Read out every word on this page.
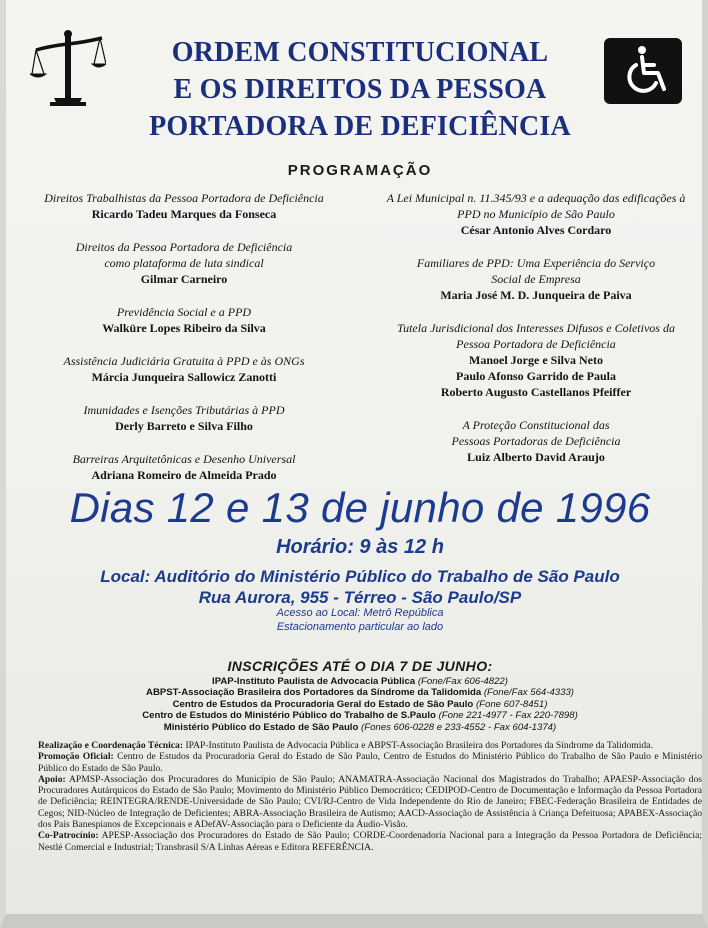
ORDEM CONSTITUCIONAL
E OS DIREITOS DA PESSOA
PORTADORA DE DEFICIÊNCIA
PROGRAMAÇÃO
Direitos Trabalhistas da Pessoa Portadora de Deficiência
Ricardo Tadeu Marques da Fonseca
Direitos da Pessoa Portadora de Deficiência como plataforma de luta sindical
Gilmar Carneiro
Previdência Social e a PPD
Walküre Lopes Ribeiro da Silva
Assistência Judiciária Gratuita à PPD e às ONGs
Márcia Junqueira Sallowicz Zanotti
Imunidades e Isenções Tributárias à PPD
Derly Barreto e Silva Filho
Barreiras Arquitetônicas e Desenho Universal
Adriana Romeiro de Almeida Prado
A Lei Municipal n. 11.345/93 e a adequação das edificações à PPD no Município de São Paulo
César Antonio Alves Cordaro
Familiares de PPD: Uma Experiência do Serviço Social de Empresa
Maria José M. D. Junqueira de Paiva
Tutela Jurisdicional dos Interesses Difusos e Coletivos da Pessoa Portadora de Deficiência
Manoel Jorge e Silva Neto
Paulo Afonso Garrido de Paula
Roberto Augusto Castellanos Pfeiffer
A Proteção Constitucional das Pessoas Portadoras de Deficiência
Luiz Alberto David Araujo
Dias 12 e 13 de junho de 1996
Horário: 9 às 12 h
Local: Auditório do Ministério Público do Trabalho de São Paulo
Rua Aurora, 955 - Térreo - São Paulo/SP
Acesso ao Local: Metrô República
Estacionamento particular ao lado
INSCRIÇÕES ATÉ O DIA 7 DE JUNHO:
IPAP-Instituto Paulista de Advocacia Pública (Fone/Fax 606-4822)
ABPST-Associação Brasileira dos Portadores da Síndrome da Talidomida (Fone/Fax 564-4333)
Centro de Estudos da Procuradoria Geral do Estado de São Paulo (Fone 607-8451)
Centro de Estudos do Ministério Público do Trabalho de S.Paulo (Fone 221-4977 - Fax 220-7898)
Ministério Público do Estado de São Paulo (Fones 606-0228 e 233-4552 - Fax 604-1374)
Realização e Coordenação Técnica: IPAP-Instituto Paulista de Advocacia Pública e ABPST-Associação Brasileira dos Portadores da Síndrome da Talidomida.
Promoção Oficial: Centro de Estudos da Procuradoria Geral do Estado de São Paulo, Centro de Estudos do Ministério Público do Trabalho de São Paulo e Ministério Público do Estado de São Paulo.
Apoio: APMSP-Associação dos Procuradores do Município de São Paulo; ANAMATRA-Associação Nacional dos Magistrados do Trabalho; APAESP-Associação dos Procuradores Autárquicos do Estado de São Paulo; Movimento do Ministério Público Democrático; CEDIPOD-Centro de Documentação e Informação da Pessoa Portadora de Deficiência; REINTEGRA/RENDE-Universidade de São Paulo; CVI/RJ-Centro de Vida Independente do Rio de Janeiro; FBEC-Federação Brasileira de Entidades de Cegos; NID-Núcleo de Integração de Deficientes; ABRA-Associação Brasileira de Autismo; AACD-Associação de Assistência à Criança Defeituosa; APABEX-Associação dos Pais Banespianos de Excepcionais e ADefAV-Associação para o Deficiente da Áudio-Visão.
Co-Patrocínio: APESP-Associação dos Procuradores do Estado de São Paulo; CORDE-Coordenadoria Nacional para a Integração da Pessoa Portadora de Deficiência; Nestlé Comercial e Industrial; Transbrasil S/A Linhas Aéreas e Editora REFERÊNCIA.
